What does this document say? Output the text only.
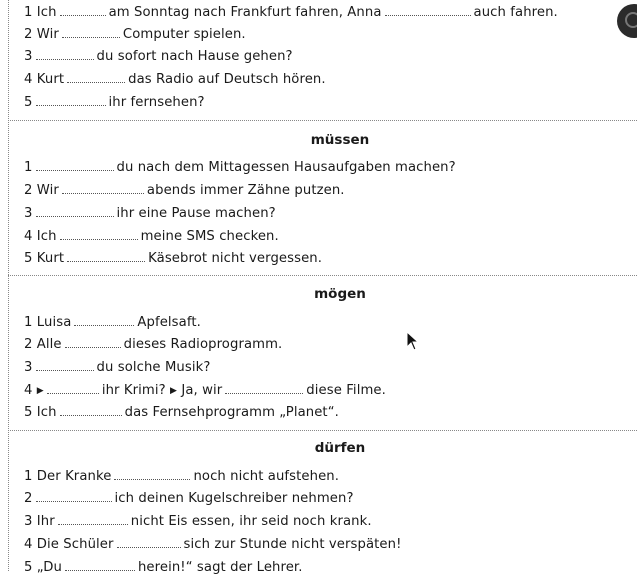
1 Ich	am Sonntag nach Frankfurt fahren, Anna	auch fahren.
2 Wir	Computer spielen.
3	du sofort nach Hause gehen?
4 Kurt	das Radio auf Deutsch hören.
5	ihr fernsehen?
müssen
1	du nach dem Mittagessen Hausaufgaben machen?
2 Wir	abends immer Zähne putzen.
3	ihr eine Pause machen?
4 Ich	meine SMS checken.
5 Kurt	Käsebrot nicht vergessen.
mögen
1 Luisa	Apfelsaft.
2 Alle	dieses Radioprogramm.
3	du solche Musik?
4 ▶	ihr Krimi? ▶ Ja, wir	diese Filme.
5 Ich	das Fernsehprogramm „Planet“.
dürfen
1 Der Kranke	noch nicht aufstehen.
2	ich deinen Kugelschreiber nehmen?
3 Ihr	nicht Eis essen, ihr seid noch krank.
4 Die Schüler	sich zur Stunde nicht verspäten!
5 „Du	herein!“ sagt der Lehrer.
